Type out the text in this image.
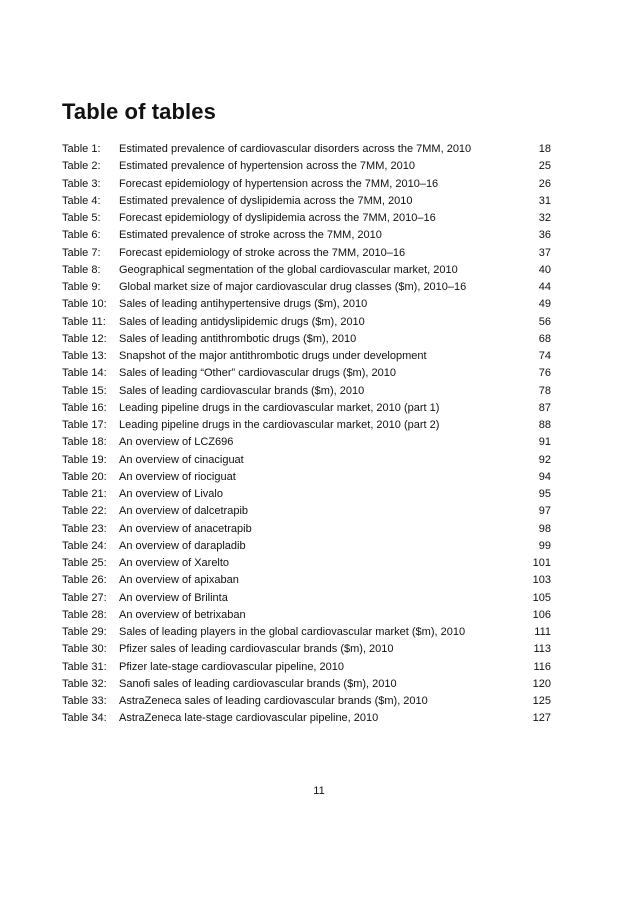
Table of tables
Table 1:	Estimated prevalence of cardiovascular disorders across the 7MM, 2010	18
Table 2:	Estimated prevalence of hypertension across the 7MM, 2010	25
Table 3:	Forecast epidemiology of hypertension across the 7MM, 2010–16	26
Table 4:	Estimated prevalence of dyslipidemia across the 7MM, 2010	31
Table 5:	Forecast epidemiology of dyslipidemia across the 7MM, 2010–16	32
Table 6:	Estimated prevalence of stroke across the 7MM, 2010	36
Table 7:	Forecast epidemiology of stroke across the 7MM, 2010–16	37
Table 8:	Geographical segmentation of the global cardiovascular market, 2010	40
Table 9:	Global market size of major cardiovascular drug classes ($m), 2010–16	44
Table 10:	Sales of leading antihypertensive drugs ($m), 2010	49
Table 11:	Sales of leading antidyslipidemic drugs ($m), 2010	56
Table 12:	Sales of leading antithrombotic drugs ($m), 2010	68
Table 13:	Snapshot of the major antithrombotic drugs under development	74
Table 14:	Sales of leading “Other” cardiovascular drugs ($m), 2010	76
Table 15:	Sales of leading cardiovascular brands ($m), 2010	78
Table 16:	Leading pipeline drugs in the cardiovascular market, 2010 (part 1)	87
Table 17:	Leading pipeline drugs in the cardiovascular market, 2010 (part 2)	88
Table 18:	An overview of LCZ696	91
Table 19:	An overview of cinaciguat	92
Table 20:	An overview of riociguat	94
Table 21:	An overview of Livalo	95
Table 22:	An overview of dalcetrapib	97
Table 23:	An overview of anacetrapib	98
Table 24:	An overview of darapladib	99
Table 25:	An overview of Xarelto	101
Table 26:	An overview of apixaban	103
Table 27:	An overview of Brilinta	105
Table 28:	An overview of betrixaban	106
Table 29:	Sales of leading players in the global cardiovascular market ($m), 2010	111
Table 30:	Pfizer sales of leading cardiovascular brands ($m), 2010	113
Table 31:	Pfizer late-stage cardiovascular pipeline, 2010	116
Table 32:	Sanofi sales of leading cardiovascular brands ($m), 2010	120
Table 33:	AstraZeneca sales of leading cardiovascular brands ($m), 2010	125
Table 34:	AstraZeneca late-stage cardiovascular pipeline, 2010	127
11
